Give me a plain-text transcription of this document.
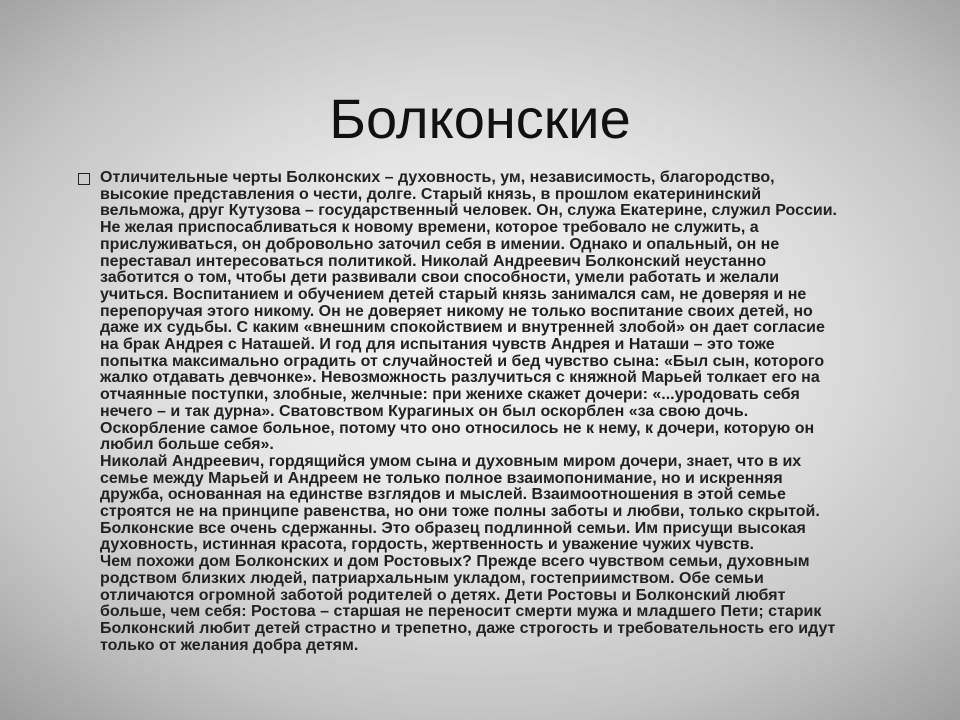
Болконские
Отличительные черты Болконских – духовность, ум, независимость, благородство,
высокие представления о чести, долге. Старый князь, в прошлом екатерининский
вельможа, друг Кутузова – государственный человек. Он, служа Екатерине, служил России.
Не желая приспосабливаться к новому времени, которое требовало не служить, а
прислуживаться, он добровольно заточил себя в имении. Однако и опальный, он не
переставал интересоваться политикой. Николай Андреевич Болконский неустанно
заботится о том, чтобы дети развивали свои способности, умели работать и желали
учиться. Воспитанием и обучением детей старый князь занимался сам, не доверяя и не
перепоручая этого никому. Он не доверяет никому не только воспитание своих детей, но
даже их судьбы. С каким «внешним спокойствием и внутренней злобой» он дает согласие
на брак Андрея с Наташей. И год для испытания чувств Андрея и Наташи – это тоже
попытка максимально оградить от случайностей и бед чувство сына: «Был сын, которого
жалко отдавать девчонке». Невозможность разлучиться с княжной Марьей толкает его на
отчаянные поступки, злобные, желчные: при женихе скажет дочери: «...уродовать себя
нечего – и так дурна». Сватовством Курагиных он был оскорблен «за свою дочь.
Оскорбление самое больное, потому что оно относилось не к нему, к дочери, которую он
любил больше себя».
Николай Андреевич, гордящийся умом сына и духовным миром дочери, знает, что в их
семье между Марьей и Андреем не только полное взаимопонимание, но и искренняя
дружба, основанная на единстве взглядов и мыслей. Взаимоотношения в этой семье
строятся не на принципе равенства, но они тоже полны заботы и любви, только скрытой.
Болконские все очень сдержанны. Это образец подлинной семьи. Им присущи высокая
духовность, истинная красота, гордость, жертвенность и уважение чужих чувств.
Чем похожи дом Болконских и дом Ростовых? Прежде всего чувством семьи, духовным
родством близких людей, патриархальным укладом, гостеприимством. Обе семьи
отличаются огромной заботой родителей о детях. Дети Ростовы и Болконский любят
больше, чем себя: Ростова – старшая не переносит смерти мужа и младшего Пети; старик
Болконский любит детей страстно и трепетно, даже строгость и требовательность его идут
только от желания добра детям.
